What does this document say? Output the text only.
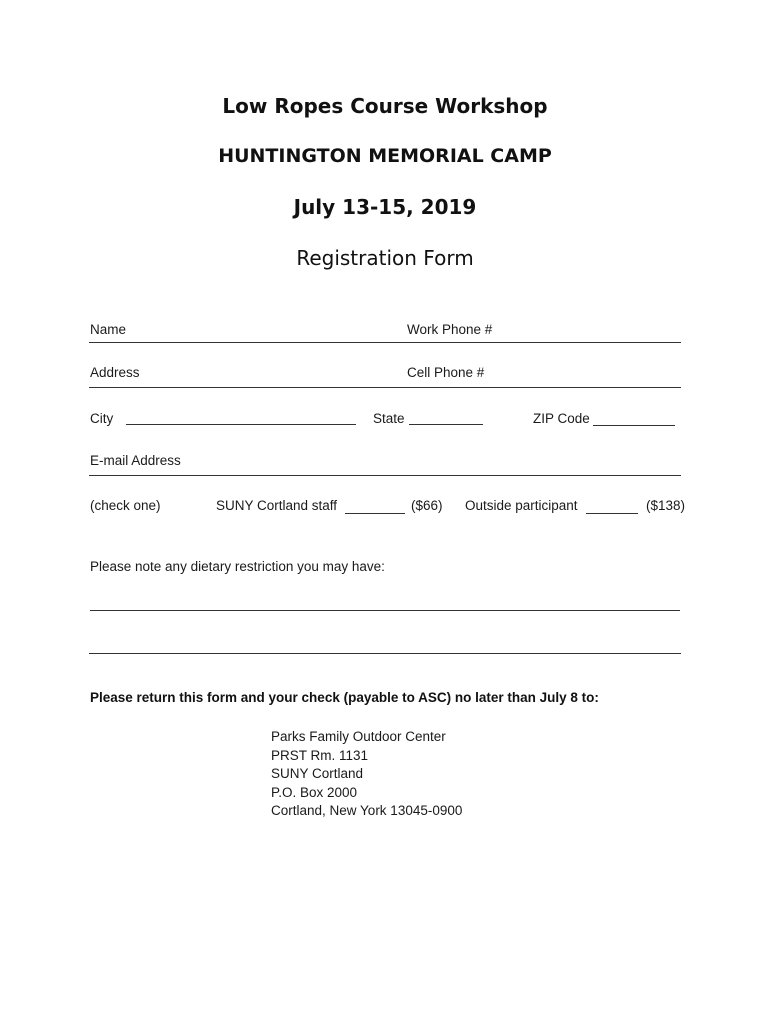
Low Ropes Course Workshop
HUNTINGTON MEMORIAL CAMP
July 13-15, 2019
Registration Form
Name	Work Phone #
Address	Cell Phone #
City	State	ZIP Code
E-mail Address
(check one)	SUNY Cortland staff	($66) Outside participant	($138)
Please note any dietary restriction you may have:
Please return this form and your check (payable to ASC) no later than July 8 to:
Parks Family Outdoor Center
PRST Rm. 1131
SUNY Cortland
P.O. Box 2000
Cortland, New York 13045-0900
